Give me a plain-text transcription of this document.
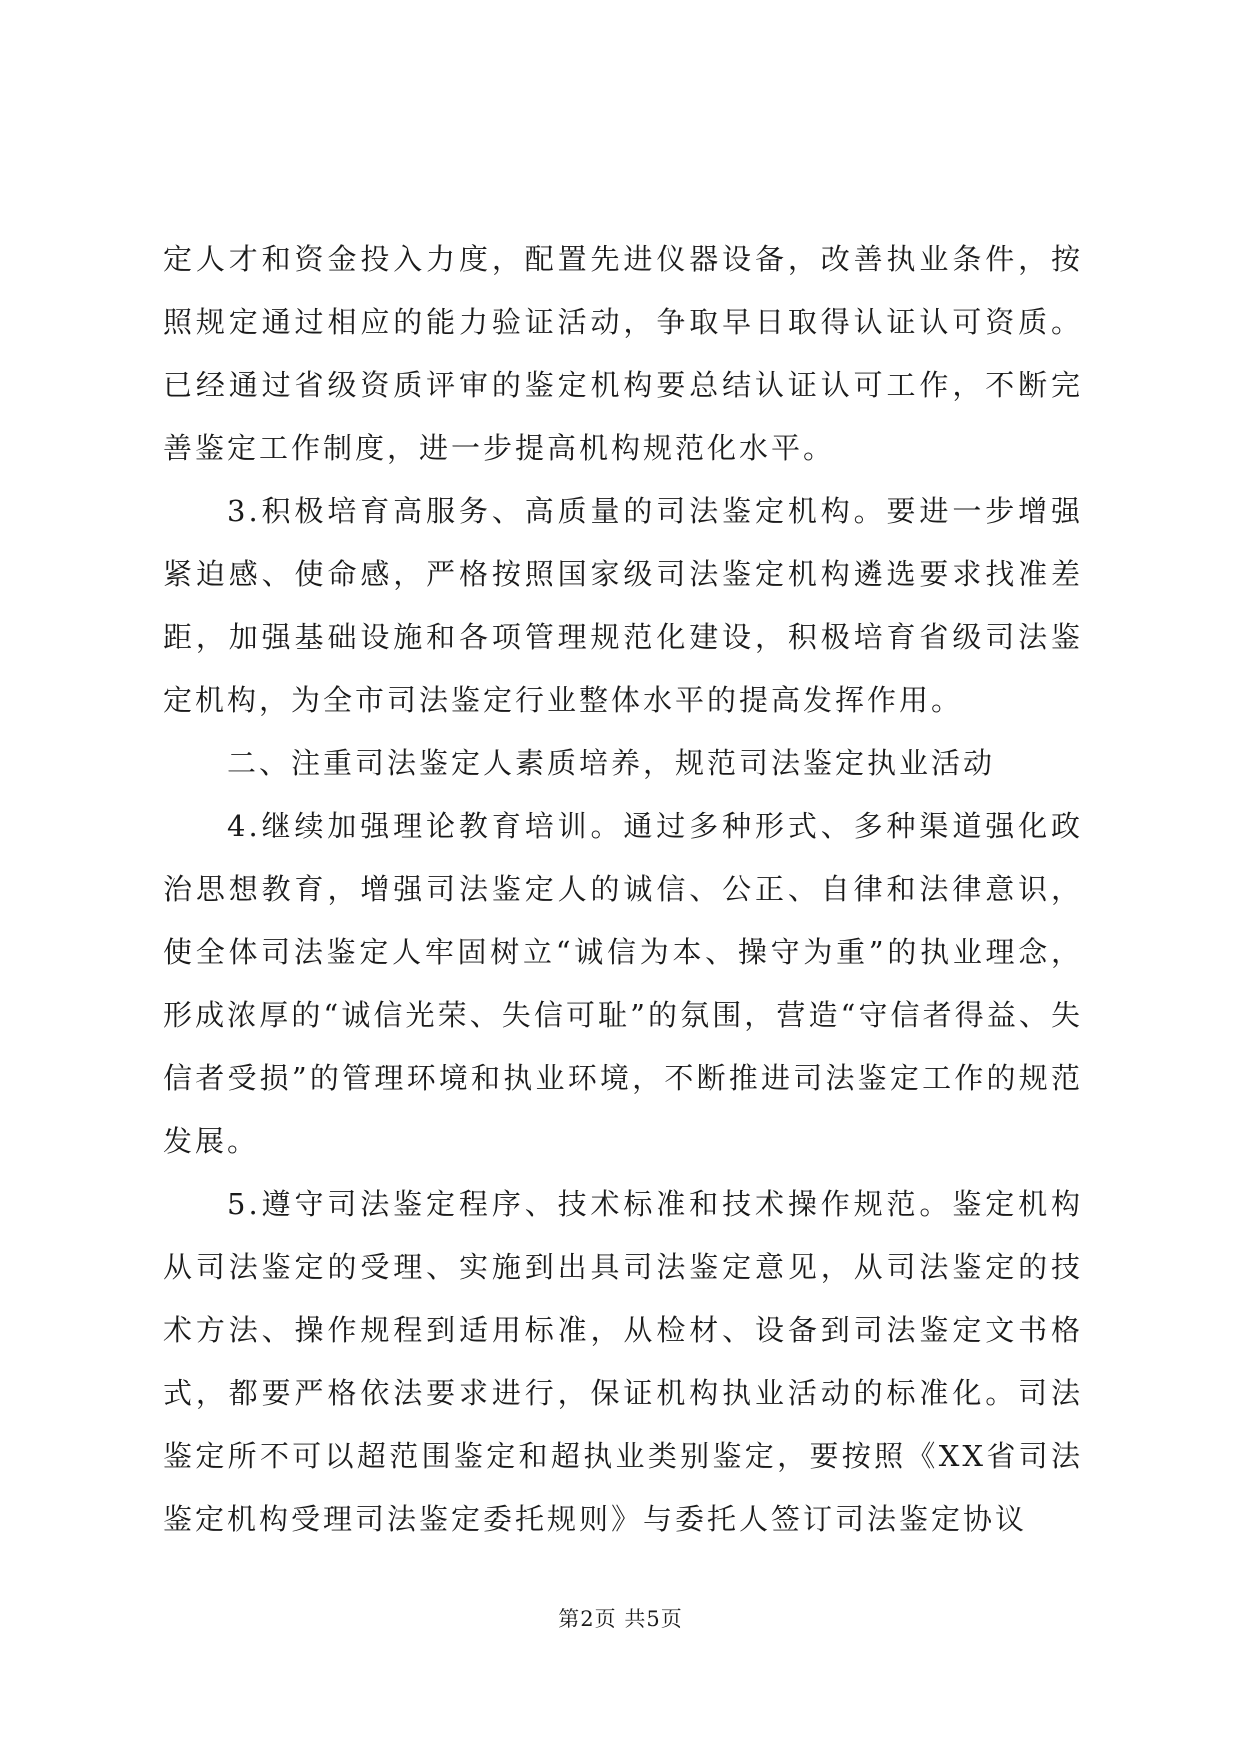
定人才和资金投入力度，配置先进仪器设备，改善执业条件，按照规定通过相应的能力验证活动，争取早日取得认证认可资质。已经通过省级资质评审的鉴定机构要总结认证认可工作，不断完善鉴定工作制度，进一步提高机构规范化水平。

3.积极培育高服务、高质量的司法鉴定机构。要进一步增强紧迫感、使命感，严格按照国家级司法鉴定机构遴选要求找准差距，加强基础设施和各项管理规范化建设，积极培育省级司法鉴定机构，为全市司法鉴定行业整体水平的提高发挥作用。

二、注重司法鉴定人素质培养，规范司法鉴定执业活动

4.继续加强理论教育培训。通过多种形式、多种渠道强化政治思想教育，增强司法鉴定人的诚信、公正、自律和法律意识，使全体司法鉴定人牢固树立“诚信为本、操守为重”的执业理念，形成浓厚的“诚信光荣、失信可耻”的氛围，营造“守信者得益、失信者受损”的管理环境和执业环境，不断推进司法鉴定工作的规范发展。

5.遵守司法鉴定程序、技术标准和技术操作规范。鉴定机构从司法鉴定的受理、实施到出具司法鉴定意见，从司法鉴定的技术方法、操作规程到适用标准，从检材、设备到司法鉴定文书格式，都要严格依法要求进行，保证机构执业活动的标准化。司法鉴定所不可以超范围鉴定和超执业类别鉴定，要按照《XX省司法鉴定机构受理司法鉴定委托规则》与委托人签订司法鉴定协议

第2页 共5页
